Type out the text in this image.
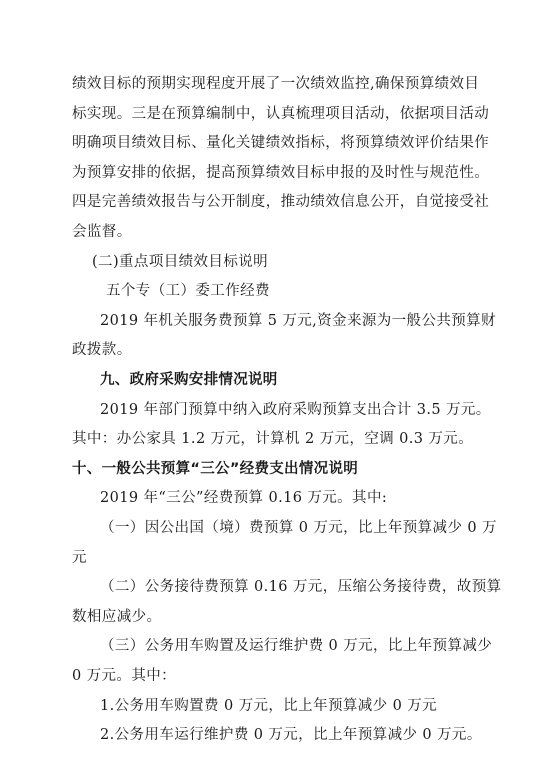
绩效目标的预期实现程度开展了一次绩效监控,确保预算绩效目
标实现。三是在预算编制中，认真梳理项目活动，依据项目活动
明确项目绩效目标、量化关键绩效指标，将预算绩效评价结果作
为预算安排的依据，提高预算绩效目标申报的及时性与规范性。
四是完善绩效报告与公开制度，推动绩效信息公开，自觉接受社
会监督。
(二)重点项目绩效目标说明
五个专（工）委工作经费
2019 年机关服务费预算 5 万元,资金来源为一般公共预算财
政拨款。
九、政府采购安排情况说明
2019 年部门预算中纳入政府采购预算支出合计 3.5 万元。
其中：办公家具 1.2 万元，计算机 2 万元，空调 0.3 万元。
十、一般公共预算“三公”经费支出情况说明
2019 年“三公”经费预算 0.16 万元。其中:
（一）因公出国（境）费预算 0 万元，比上年预算减少 0 万
元
（二）公务接待费预算 0.16 万元，压缩公务接待费，故预算
数相应减少。
（三）公务用车购置及运行维护费 0 万元，比上年预算减少
0 万元。其中：
1.公务用车购置费 0 万元，比上年预算减少 0 万元
2.公务用车运行维护费 0 万元，比上年预算减少 0 万元。
